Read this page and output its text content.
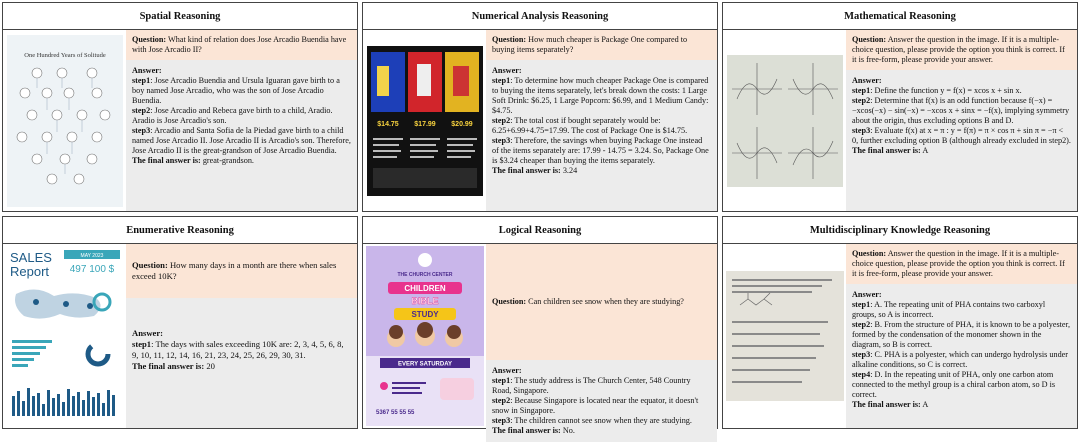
Spatial Reasoning
One Hundred Years of Solitude
Question: What kind of relation does Jose Arcadio Buendia have with Jose Arcadio II?
Answer:
step1: Jose Arcadio Buendia and Ursula Iguaran gave birth to a boy named Jose Arcadio, who was the son of Jose Arcadio Buendia.
step2: Jose Arcadio and Rebeca gave birth to a child, Aradio. Aradio is Jose Arcadio's son.
step3: Arcadio and Santa Sofia de la Piedad gave birth to a child named Jose Arcadio II. Jose Arcadio II is Arcadio's son. Therefore, Jose Arcadio II is the great-grandson of Jose Arcadio Buendia.
The final answer is: great-grandson.
Numerical Analysis Reasoning
$14.75 $17.99 $20.99
Question: How much cheaper is Package One compared to buying items separately?
Answer:
step1: To determine how much cheaper Package One is compared to buying the items separately, let's break down the costs: 1 Large Soft Drink: $6.25, 1 Large Popcorn: $6.99, and 1 Medium Candy: $4.75.
step2: The total cost if bought separately would be: 6.25+6.99+4.75=17.99. The cost of Package One is $14.75.
step3: Therefore, the savings when buying Package One instead of the items separately are: 17.99 - 14.75 = 3.24. So, Package One is $3.24 cheaper than buying the items separately.
The final answer is: 3.24
Mathematical Reasoning
Question: Answer the question in the image. If it is a multiple-choice question, please provide the option you think is correct. If it is free-form, please provide your answer.
Answer:
step1: Define the function y = f(x) = xcos x + sin x.
step2: Determine that f(x) is an odd function because f(−x) = −xcos(−x) − sin(−x) = −xcos x + sinx = −f(x), implying symmetry about the origin, thus excluding options B and D.
step3: Evaluate f(x) at x = π : y = f(π) = π × cos π + sin π = −π < 0, further excluding option B (although already excluded in step2).
The final answer is: A
Enumerative Reasoning
SALES
Report
MAY 2023
497 100 $ Question: How many days in a month are there when sales exceed 10K?
Answer:
step1: The days with sales exceeding 10K are: 2, 3, 4, 5, 6, 8, 9, 10, 11, 12, 14, 16, 21, 23, 24, 25, 26, 29, 30, 31.
The final answer is: 20
Logical Reasoning
THE CHURCH CENTER
CHILDREN
BIBLE
STUDY
EVERY SATURDAY
5367 55 55 55
Question: Can children see snow when they are studying?
Answer:
step1: The study address is The Church Center, 548 Country Road, Singapore.
step2: Because Singapore is located near the equator, it doesn't snow in Singapore.
step3: The children cannot see snow when they are studying.
The final answer is: No.
Multidisciplinary Knowledge Reasoning
Question: Answer the question in the image. If it is a multiple-choice question, please provide the option you think is correct. If it is free-form, please provide your answer.
Answer:
step1: A. The repeating unit of PHA contains two carboxyl groups, so A is incorrect.
step2: B. From the structure of PHA, it is known to be a polyester, formed by the condensation of the monomer shown in the diagram, so B is correct.
step3: C. PHA is a polyester, which can undergo hydrolysis under alkaline conditions, so C is correct.
step4: D. In the repeating unit of PHA, only one carbon atom connected to the methyl group is a chiral carbon atom, so D is correct.
The final answer is: A
